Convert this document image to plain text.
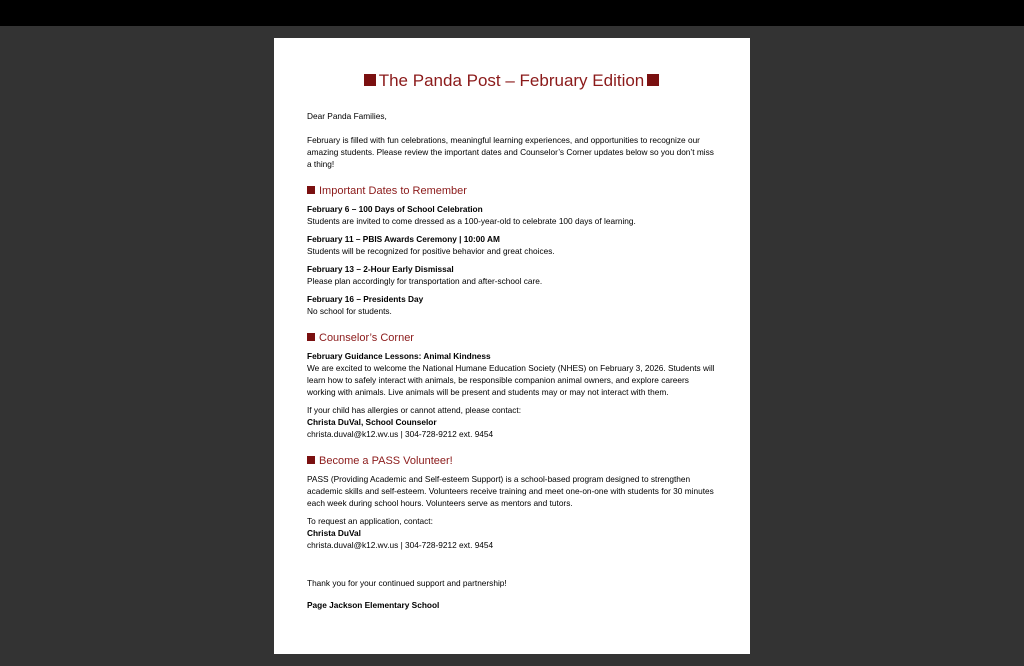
The Panda Post – February Edition

Dear Panda Families,

February is filled with fun celebrations, meaningful learning experiences, and opportunities to recognize our amazing students. Please review the important dates and Counselor’s Corner updates below so you don’t miss a thing!

Important Dates to Remember
February 6 – 100 Days of School Celebration
Students are invited to come dressed as a 100-year-old to celebrate 100 days of learning.
February 11 – PBIS Awards Ceremony | 10:00 AM
Students will be recognized for positive behavior and great choices.
February 13 – 2-Hour Early Dismissal
Please plan accordingly for transportation and after-school care.
February 16 – Presidents Day
No school for students.
Counselor’s Corner
February Guidance Lessons: Animal Kindness
We are excited to welcome the National Humane Education Society (NHES) on February 3, 2026. Students will learn how to safely interact with animals, be responsible companion animal owners, and explore careers working with animals. Live animals will be present and students may or may not interact with them.
If your child has allergies or cannot attend, please contact:
Christa DuVal, School Counselor
christa.duval@k12.wv.us | 304-728-9212 ext. 9454
Become a PASS Volunteer!
PASS (Providing Academic and Self-esteem Support) is a school-based program designed to strengthen academic skills and self-esteem. Volunteers receive training and meet one-on-one with students for 30 minutes each week during school hours. Volunteers serve as mentors and tutors.
To request an application, contact:
Christa DuVal
christa.duval@k12.wv.us | 304-728-9212 ext. 9454

Thank you for your continued support and partnership!

Page Jackson Elementary School
